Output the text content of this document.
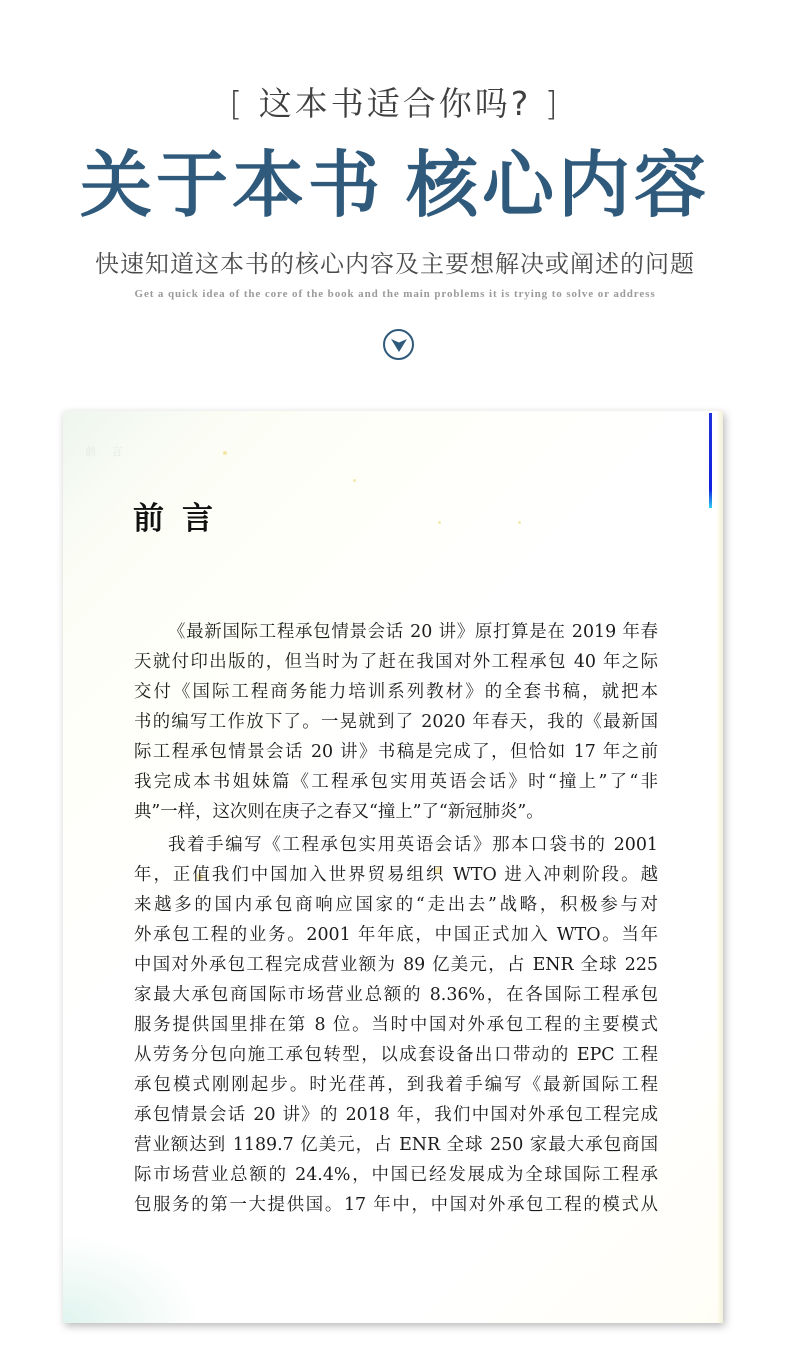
[ 这本书适合你吗? ]
关于本书 核心内容
快速知道这本书的核心内容及主要想解决或阐述的问题
Get a quick idea of the core of the book and the main problems it is trying to solve or address
前 言
前言
《最新国际工程承包情景会话 20 讲》原打算是在 2019 年春
天就付印出版的，但当时为了赶在我国对外工程承包 40 年之际
交付《国际工程商务能力培训系列教材》的全套书稿，就把本
书的编写工作放下了。一晃就到了 2020 年春天，我的《最新国
际工程承包情景会话 20 讲》书稿是完成了，但恰如 17 年之前
我完成本书姐妹篇《工程承包实用英语会话》时“撞上”了“非
典”一样，这次则在庚子之春又“撞上”了“新冠肺炎”。
我着手编写《工程承包实用英语会话》那本口袋书的 2001
年，正值我们中国加入世界贸易组织 WTO 进入冲刺阶段。越
来越多的国内承包商响应国家的“走出去”战略，积极参与对
外承包工程的业务。2001 年年底，中国正式加入 WTO。当年
中国对外承包工程完成营业额为 89 亿美元，占 ENR 全球 225
家最大承包商国际市场营业总额的 8.36%，在各国际工程承包
服务提供国里排在第 8 位。当时中国对外承包工程的主要模式
从劳务分包向施工承包转型，以成套设备出口带动的 EPC 工程
承包模式刚刚起步。时光荏苒，到我着手编写《最新国际工程
承包情景会话 20 讲》的 2018 年，我们中国对外承包工程完成
营业额达到 1189.7 亿美元，占 ENR 全球 250 家最大承包商国
际市场营业总额的 24.4%，中国已经发展成为全球国际工程承
包服务的第一大提供国。17 年中，中国对外承包工程的模式从
